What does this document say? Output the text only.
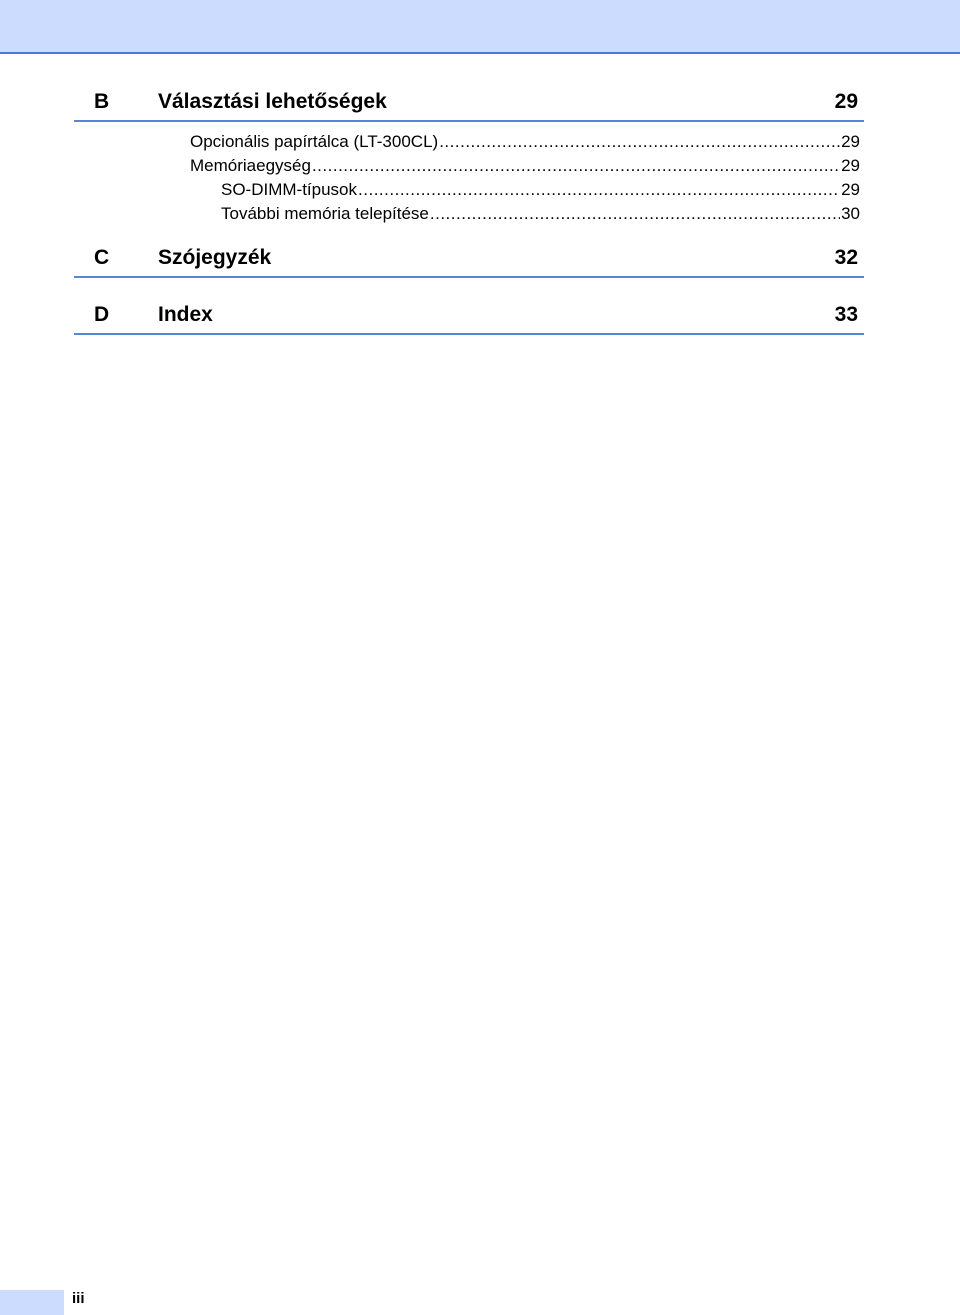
B Választási lehetőségek	29
Opcionális papírtálca (LT-300CL) .....	29
Memóriaegység .....	29
SO-DIMM-típusok .....	29
További memória telepítése .....	30
C Szójegyzék	32
D Index	33
iii
